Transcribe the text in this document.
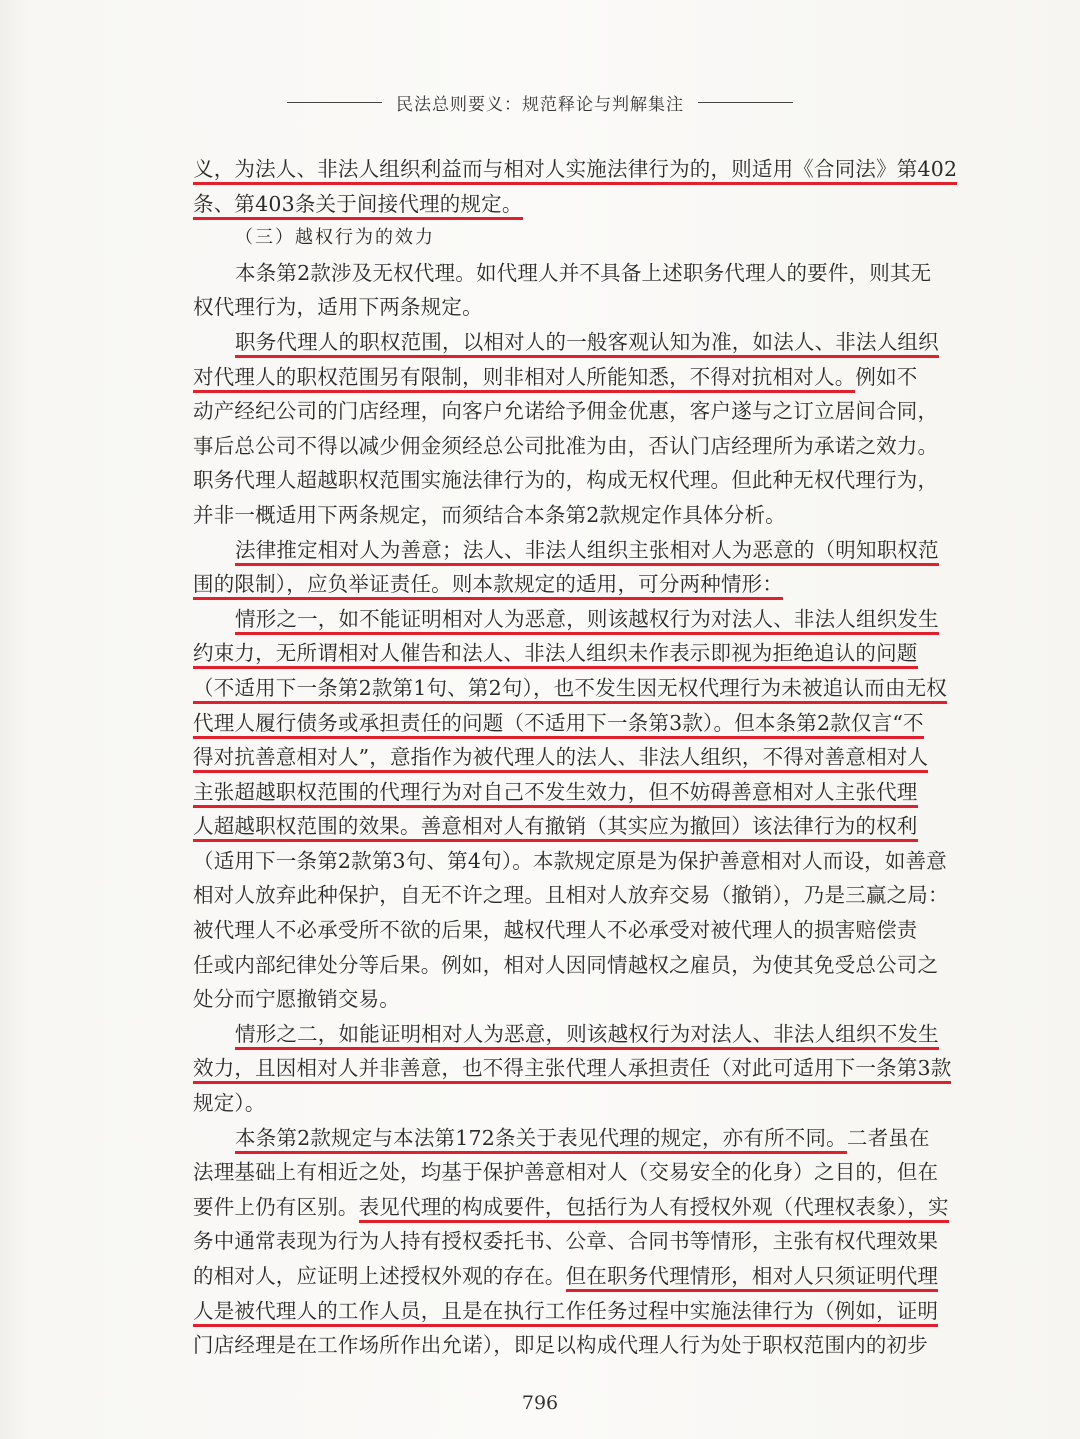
民法总则要义：规范释论与判解集注
义，为法人、非法人组织利益而与相对人实施法律行为的，则适用《合同法》第402
条、第403条关于间接代理的规定。
（三）越权行为的效力
本条第2款涉及无权代理。如代理人并不具备上述职务代理人的要件，则其无
权代理行为，适用下两条规定。
职务代理人的职权范围，以相对人的一般客观认知为准，如法人、非法人组织
对代理人的职权范围另有限制，则非相对人所能知悉，不得对抗相对人。例如不
动产经纪公司的门店经理，向客户允诺给予佣金优惠，客户遂与之订立居间合同，
事后总公司不得以减少佣金须经总公司批准为由，否认门店经理所为承诺之效力。
职务代理人超越职权范围实施法律行为的，构成无权代理。但此种无权代理行为，
并非一概适用下两条规定，而须结合本条第2款规定作具体分析。
法律推定相对人为善意；法人、非法人组织主张相对人为恶意的（明知职权范
围的限制），应负举证责任。则本款规定的适用，可分两种情形：
情形之一，如不能证明相对人为恶意，则该越权行为对法人、非法人组织发生
约束力，无所谓相对人催告和法人、非法人组织未作表示即视为拒绝追认的问题
（不适用下一条第2款第1句、第2句），也不发生因无权代理行为未被追认而由无权
代理人履行债务或承担责任的问题（不适用下一条第3款）。但本条第2款仅言“不
得对抗善意相对人”，意指作为被代理人的法人、非法人组织，不得对善意相对人
主张超越职权范围的代理行为对自己不发生效力，但不妨碍善意相对人主张代理
人超越职权范围的效果。善意相对人有撤销（其实应为撤回）该法律行为的权利
（适用下一条第2款第3句、第4句）。本款规定原是为保护善意相对人而设，如善意
相对人放弃此种保护，自无不许之理。且相对人放弃交易（撤销），乃是三赢之局：
被代理人不必承受所不欲的后果，越权代理人不必承受对被代理人的损害赔偿责
任或内部纪律处分等后果。例如，相对人因同情越权之雇员，为使其免受总公司之
处分而宁愿撤销交易。
情形之二，如能证明相对人为恶意，则该越权行为对法人、非法人组织不发生
效力，且因相对人并非善意，也不得主张代理人承担责任（对此可适用下一条第3款
规定）。
本条第2款规定与本法第172条关于表见代理的规定，亦有所不同。二者虽在
法理基础上有相近之处，均基于保护善意相对人（交易安全的化身）之目的，但在
要件上仍有区别。表见代理的构成要件，包括行为人有授权外观（代理权表象），实
务中通常表现为行为人持有授权委托书、公章、合同书等情形，主张有权代理效果
的相对人，应证明上述授权外观的存在。但在职务代理情形，相对人只须证明代理
人是被代理人的工作人员，且是在执行工作任务过程中实施法律行为（例如，证明
门店经理是在工作场所作出允诺），即足以构成代理人行为处于职权范围内的初步
796
